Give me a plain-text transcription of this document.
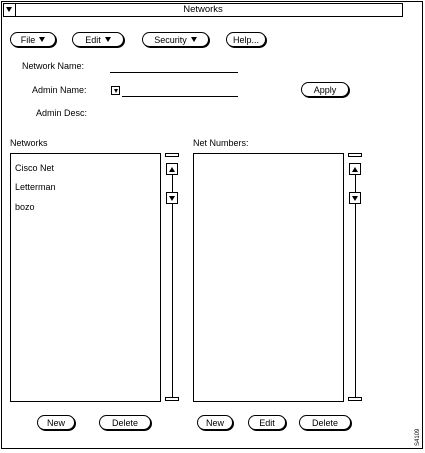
Networks
File	Edit	Security	Help...
Network Name:
Admin Name:	Apply
Admin Desc:
Networks
Cisco Net
Letterman
bozo
Net Numbers:
New	Delete	New	Edit	Delete
S4109
